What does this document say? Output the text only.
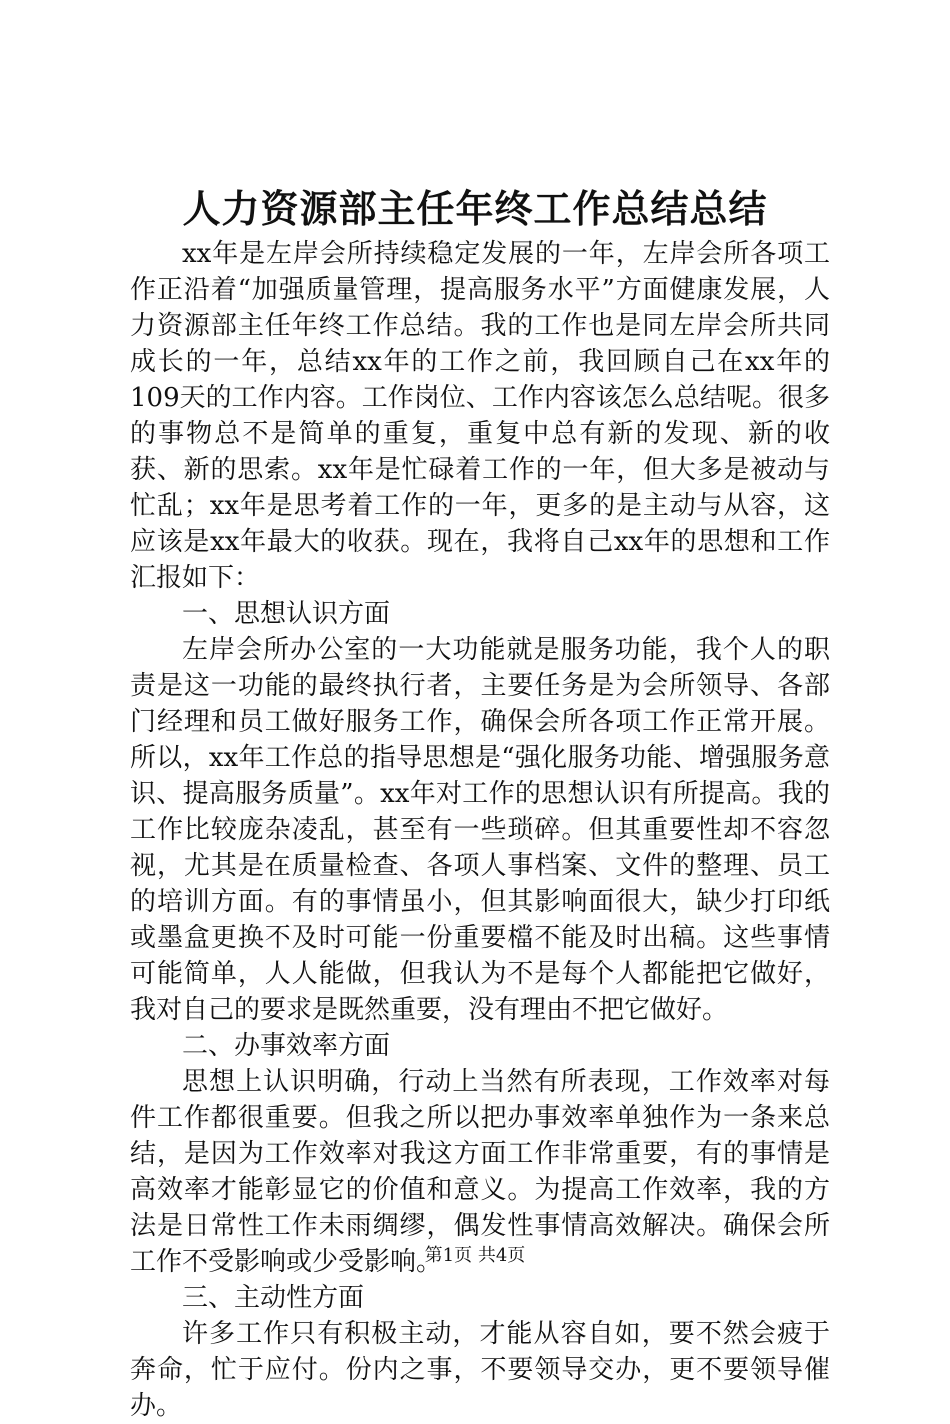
人力资源部主任年终工作总结总结

xx年是左岸会所持续稳定发展的一年，左岸会所各项工作正沿着“加强质量管理，提高服务水平”方面健康发展，人力资源部主任年终工作总结。我的工作也是同左岸会所共同成长的一年，总结xx年的工作之前，我回顾自己在xx年的109天的工作内容。工作岗位、工作内容该怎么总结呢。很多的事物总不是简单的重复，重复中总有新的发现、新的收获、新的思索。xx年是忙碌着工作的一年，但大多是被动与忙乱；xx年是思考着工作的一年，更多的是主动与从容，这应该是xx年最大的收获。现在，我将自己xx年的思想和工作汇报如下：

一、思想认识方面

左岸会所办公室的一大功能就是服务功能，我个人的职责是这一功能的最终执行者，主要任务是为会所领导、各部门经理和员工做好服务工作，确保会所各项工作正常开展。所以，xx年工作总的指导思想是“强化服务功能、增强服务意识、提高服务质量”。xx年对工作的思想认识有所提高。我的工作比较庞杂凌乱，甚至有一些琐碎。但其重要性却不容忽视，尤其是在质量检查、各项人事档案、文件的整理、员工的培训方面。有的事情虽小，但其影响面很大，缺少打印纸或墨盒更换不及时可能一份重要檔不能及时出稿。这些事情可能简单，人人能做，但我认为不是每个人都能把它做好，我对自己的要求是既然重要，没有理由不把它做好。

二、办事效率方面

思想上认识明确，行动上当然有所表现，工作效率对每件工作都很重要。但我之所以把办事效率单独作为一条来总结，是因为工作效率对我这方面工作非常重要，有的事情是高效率才能彰显它的价值和意义。为提高工作效率，我的方法是日常性工作未雨绸缪，偶发性事情高效解决。确保会所工作不受影响或少受影响。

三、主动性方面

许多工作只有积极主动，才能从容自如，要不然会疲于奔命，忙于应付。份内之事，不要领导交办，更不要领导催办。

第1页 共4页
